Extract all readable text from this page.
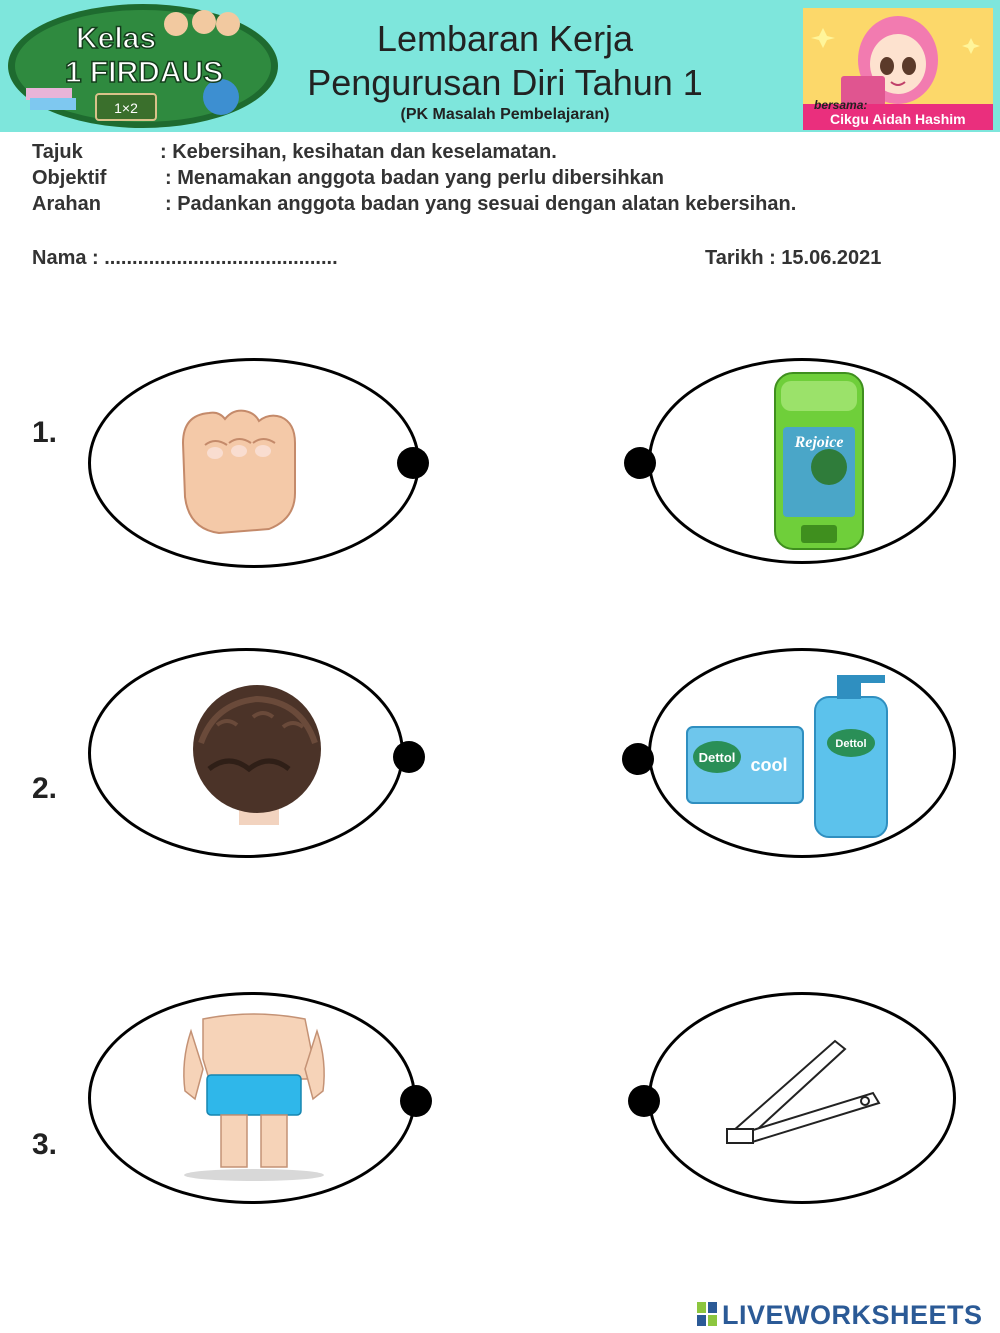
1×2
Kelas
1 FIRDAUS
Lembaran Kerja
Pengurusan Diri Tahun 1
(PK Masalah Pembelajaran)
bersama:
Cikgu Aidah Hashim
Tajuk	: Kebersihan, kesihatan dan keselamatan.
Objektif	: Menamakan anggota badan yang perlu dibersihkan
Arahan	: Padankan anggota badan yang sesuai dengan alatan kebersihan.
Nama : ..........................................	Tarikh : 15.06.2021
1.	Rejoice
2.
Dettol cool
Dettol
3.
LIVEWORKSHEETS
